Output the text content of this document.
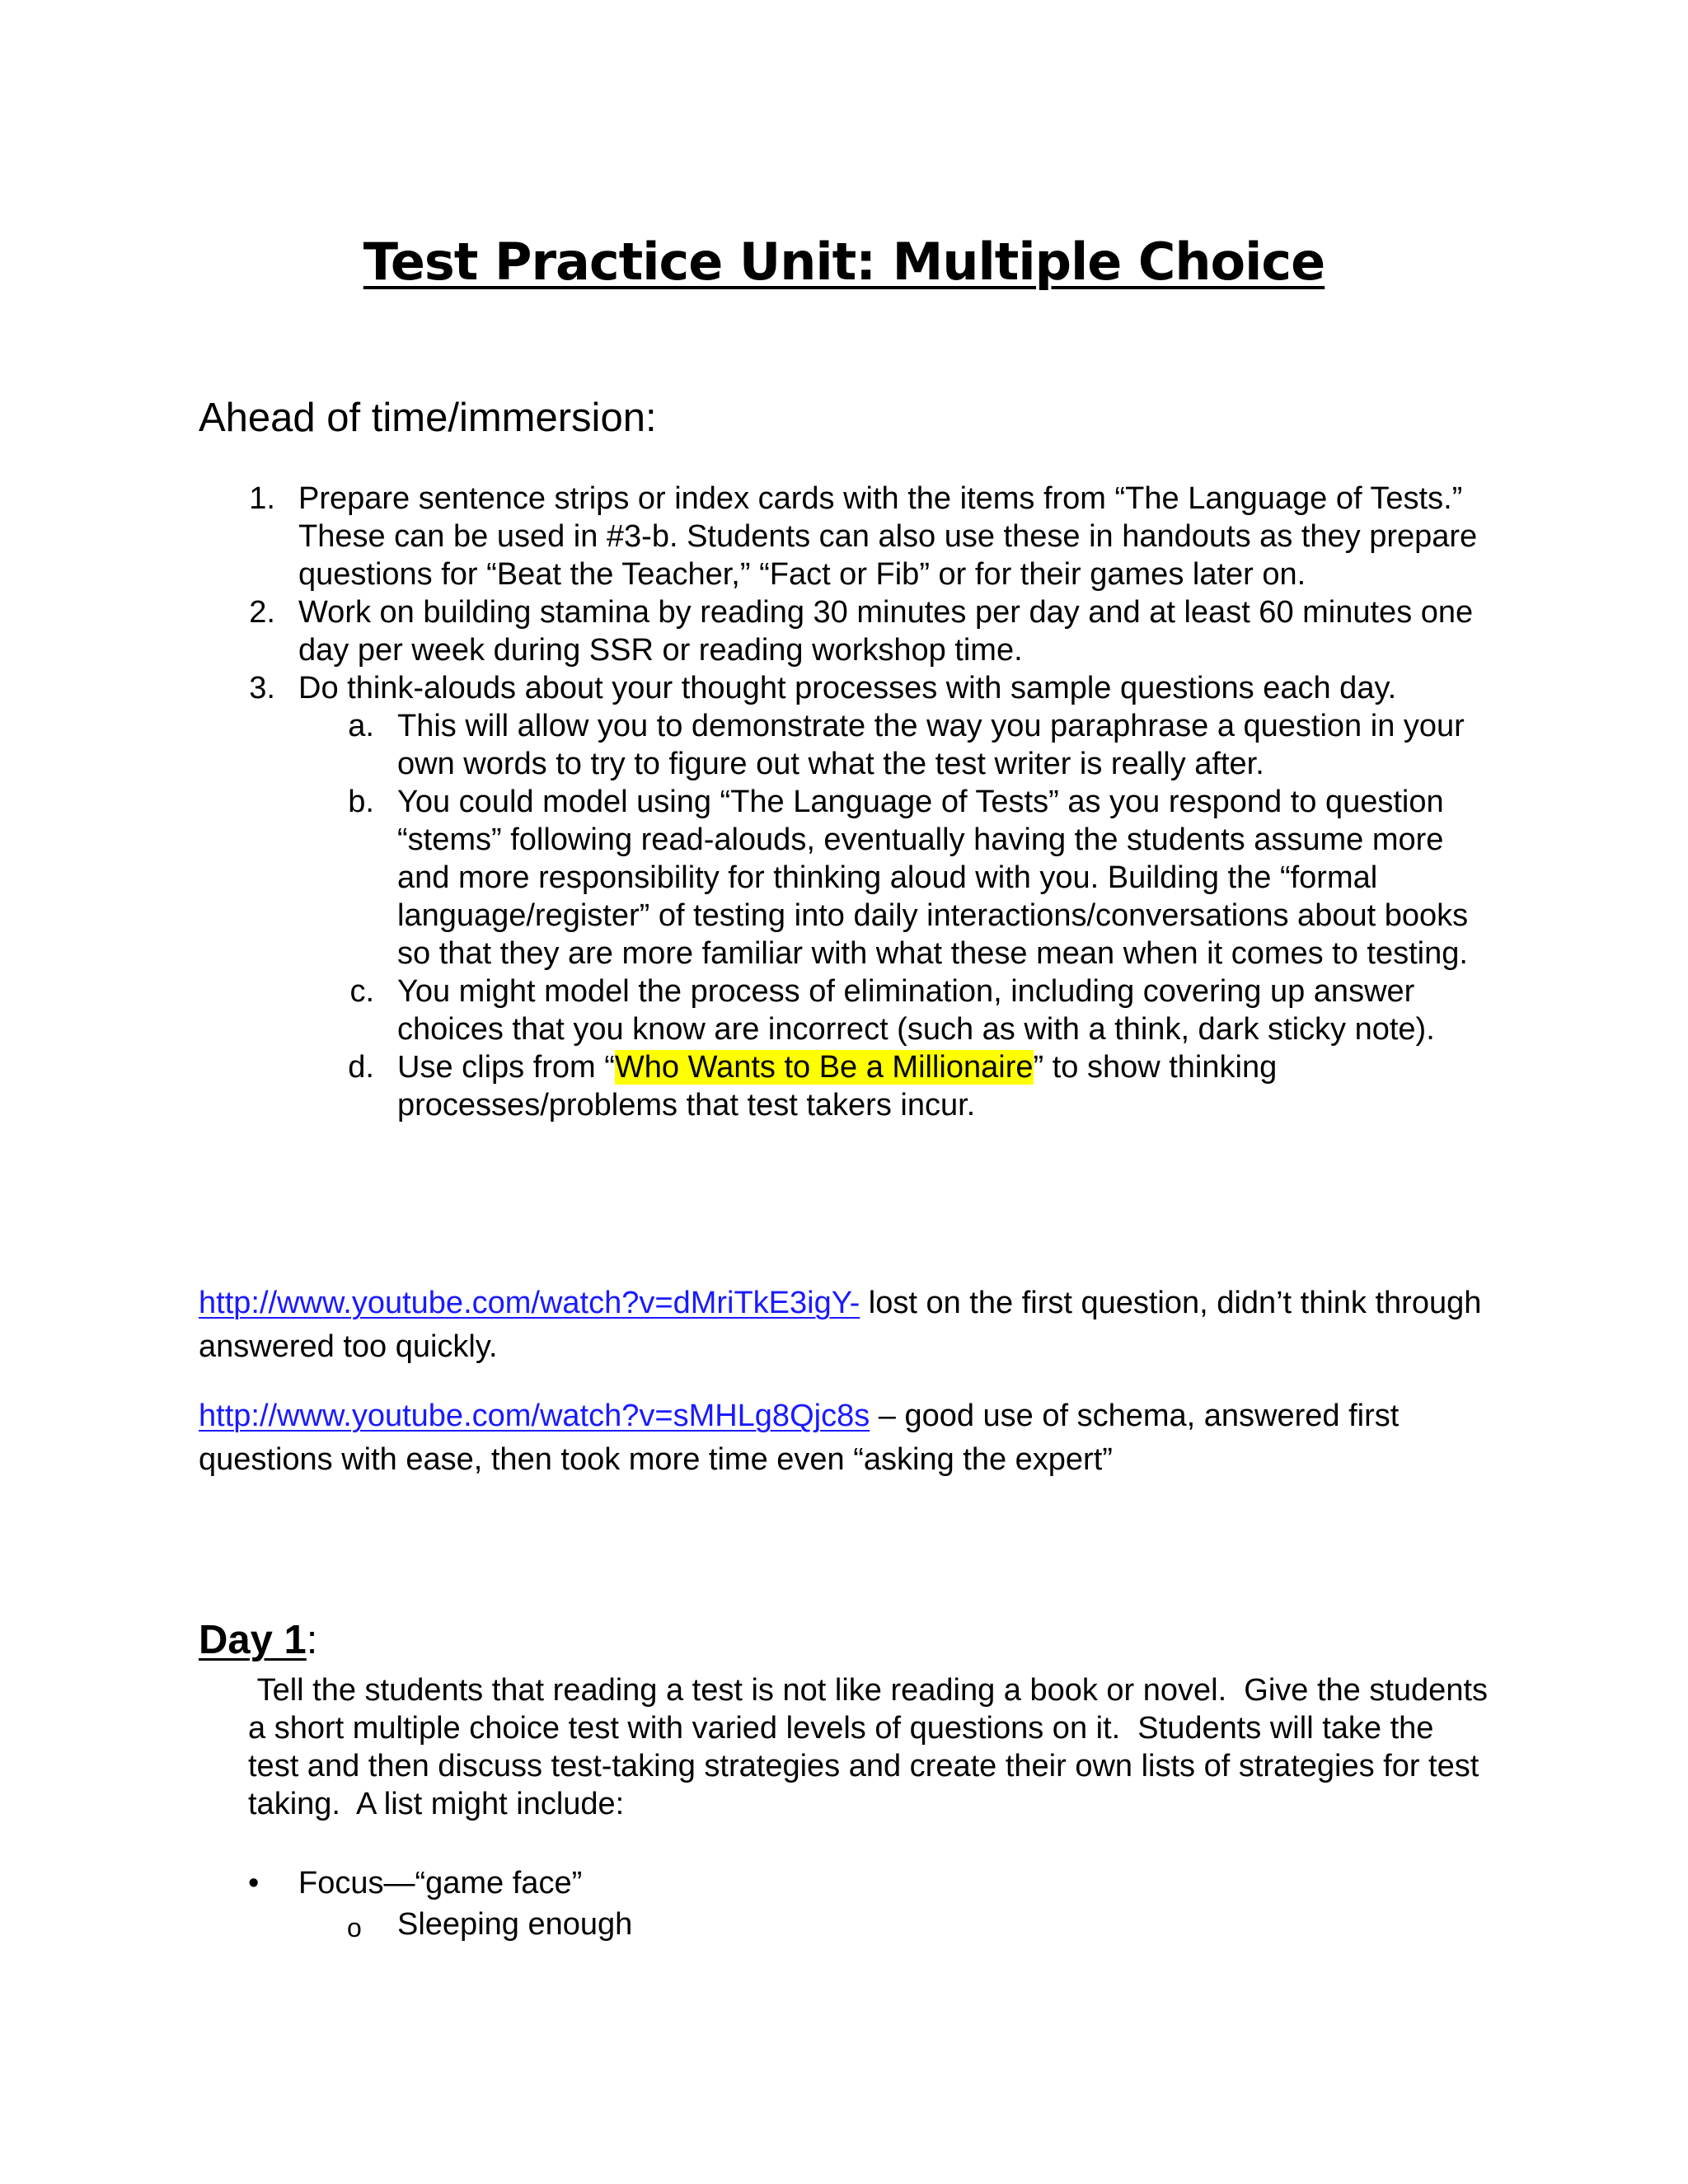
Test Practice Unit: Multiple Choice
Ahead of time/immersion:
1. Prepare sentence strips or index cards with the items from “The Language of Tests.” These can be used in #3-b. Students can also use these in handouts as they prepare questions for “Beat the Teacher,” “Fact or Fib” or for their games later on.
2. Work on building stamina by reading 30 minutes per day and at least 60 minutes one day per week during SSR or reading workshop time.
3. Do think-alouds about your thought processes with sample questions each day.
a. This will allow you to demonstrate the way you paraphrase a question in your own words to try to figure out what the test writer is really after.
b. You could model using “The Language of Tests” as you respond to question “stems” following read-alouds, eventually having the students assume more and more responsibility for thinking aloud with you. Building the “formal language/register” of testing into daily interactions/conversations about books so that they are more familiar with what these mean when it comes to testing.
c. You might model the process of elimination, including covering up answer choices that you know are incorrect (such as with a think, dark sticky note).
d. Use clips from “Who Wants to Be a Millionaire” to show thinking processes/problems that test takers incur.
http://www.youtube.com/watch?v=dMriTkE3igY- lost on the first question, didn’t think through answered too quickly.
http://www.youtube.com/watch?v=sMHLg8Qjc8s – good use of schema, answered first questions with ease, then took more time even “asking the expert”
Day 1:
Tell the students that reading a test is not like reading a book or novel.  Give the students a short multiple choice test with varied levels of questions on it.  Students will take the test and then discuss test-taking strategies and create their own lists of strategies for test taking.  A list might include:
• Focus—“game face”
o Sleeping enough
